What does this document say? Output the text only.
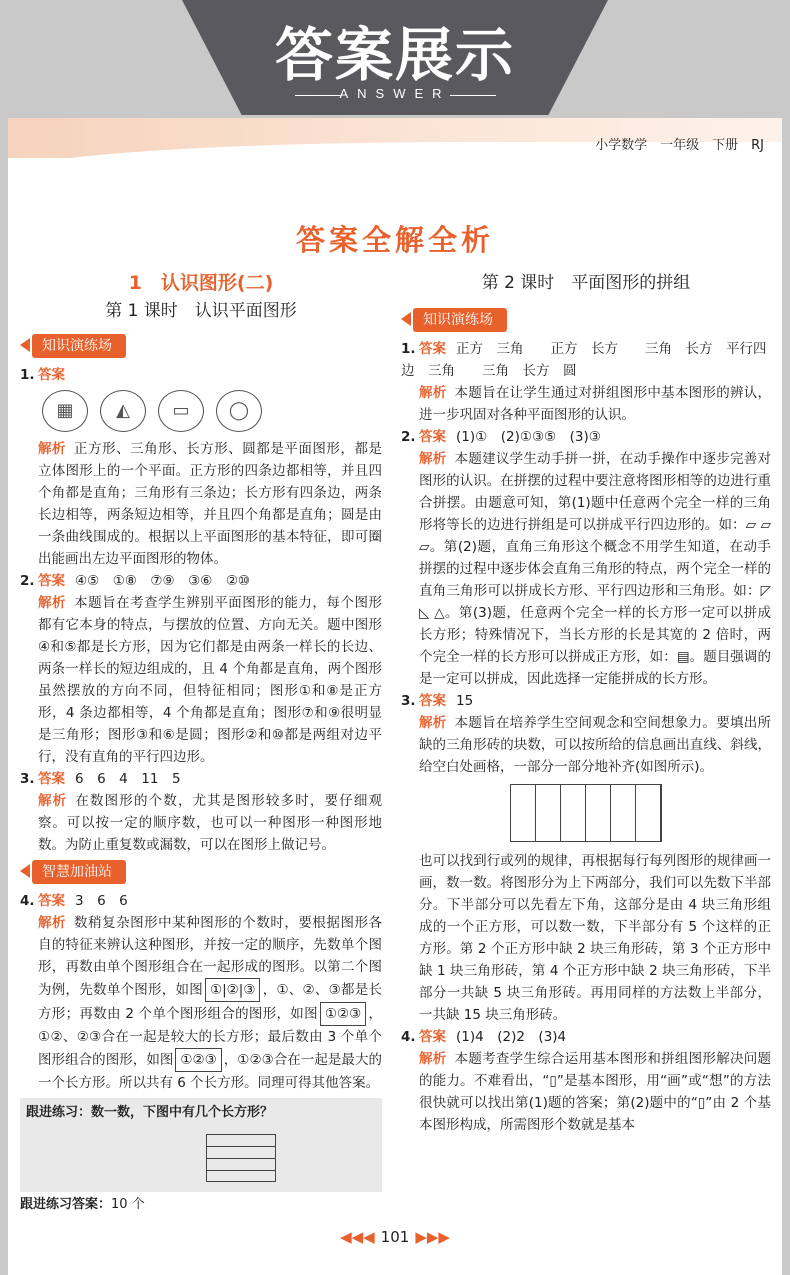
答案展示
ANSWER
小学数学　一年级　下册　RJ
答案全解全析
1　认识图形(二)
第 1 课时　认识平面图形
知识演练场
1. 答案
▦	◭	▭	◯
解析 正方形、三角形、长方形、圆都是平面图形，都是立体图形上的一个平面。正方形的四条边都相等，并且四个角都是直角；三角形有三条边；长方形有四条边，两条长边相等，两条短边相等，并且四个角都是直角；圆是由一条曲线围成的。根据以上平面图形的基本特征，即可圈出能画出左边平面图形的物体。
2. 答案 ④⑤　①⑧　⑦⑨　③⑥　②⑩
解析 本题旨在考查学生辨别平面图形的能力，每个图形都有它本身的特点，与摆放的位置、方向无关。题中图形④和⑤都是长方形，因为它们都是由两条一样长的长边、两条一样长的短边组成的，且 4 个角都是直角，两个图形虽然摆放的方向不同，但特征相同；图形①和⑧是正方形，4 条边都相等，4 个角都是直角；图形⑦和⑨很明显是三角形；图形③和⑥是圆；图形②和⑩都是两组对边平行，没有直角的平行四边形。
3. 答案 6　6　4　11　5
解析 在数图形的个数，尤其是图形较多时，要仔细观察。可以按一定的顺序数，也可以一种图形一种图形地数。为防止重复数或漏数，可以在图形上做记号。
智慧加油站
4. 答案 3　6　6
解析 数稍复杂图形中某种图形的个数时，要根据图形各自的特征来辨认这种图形，并按一定的顺序，先数单个图形，再数由单个图形组合在一起形成的图形。以第二个图为例，先数单个图形，如图 ①|②|③ ，①、②、③都是长方形；再数由 2 个单个图形组合的图形，如图 ①②③ ，①②、②③合在一起是较大的长方形；最后数由 3 个单个图形组合的图形，如图 ①②③ ，①②③合在一起是最大的一个长方形。所以共有 6 个长方形。同理可得其他答案。
跟进练习：数一数，下图中有几个长方形？
跟进练习答案：10 个
第 2 课时　平面图形的拼组
知识演练场
1. 答案 正方　三角　　正方　长方　　三角　长方　平行四边　三角　　三角　长方　圆
解析 本题旨在让学生通过对拼组图形中基本图形的辨认，进一步巩固对各种平面图形的认识。
2. 答案 (1)①　(2)①③⑤　(3)③
解析 本题建议学生动手拼一拼，在动手操作中逐步完善对图形的认识。在拼摆的过程中要注意将图形相等的边进行重合拼摆。由题意可知，第(1)题中任意两个完全一样的三角形将等长的边进行拼组是可以拼成平行四边形的。如：▱ ▱ ▱。第(2)题，直角三角形这个概念不用学生知道，在动手拼摆的过程中逐步体会直角三角形的特点，两个完全一样的直角三角形可以拼成长方形、平行四边形和三角形。如：◸ ◺ △。第(3)题，任意两个完全一样的长方形一定可以拼成长方形；特殊情况下，当长方形的长是其宽的 2 倍时，两个完全一样的长方形可以拼成正方形，如：▤。题目强调的是一定可以拼成，因此选择一定能拼成的长方形。
3. 答案 15
解析 本题旨在培养学生空间观念和空间想象力。要填出所缺的三角形砖的块数，可以按所给的信息画出直线、斜线，给空白处画格，一部分一部分地补齐(如图所示)。
也可以找到行或列的规律，再根据每行每列图形的规律画一画，数一数。将图形分为上下两部分，我们可以先数下半部分。下半部分可以先看左下角，这部分是由 4 块三角形组成的一个正方形，可以数一数，下半部分有 5 个这样的正方形。第 2 个正方形中缺 2 块三角形砖，第 3 个正方形中缺 1 块三角形砖，第 4 个正方形中缺 2 块三角形砖，下半部分一共缺 5 块三角形砖。再用同样的方法数上半部分，一共缺 15 块三角形砖。
4. 答案 (1)4　(2)2　(3)4
解析 本题考查学生综合运用基本图形和拼组图形解决问题的能力。不难看出，“▯”是基本图形，用“画”或“想”的方法很快就可以找出第(1)题的答案；第(2)题中的“▯”由 2 个基本图形构成，所需图形个数就是基本
◀◀◀ 101 ▶▶▶
